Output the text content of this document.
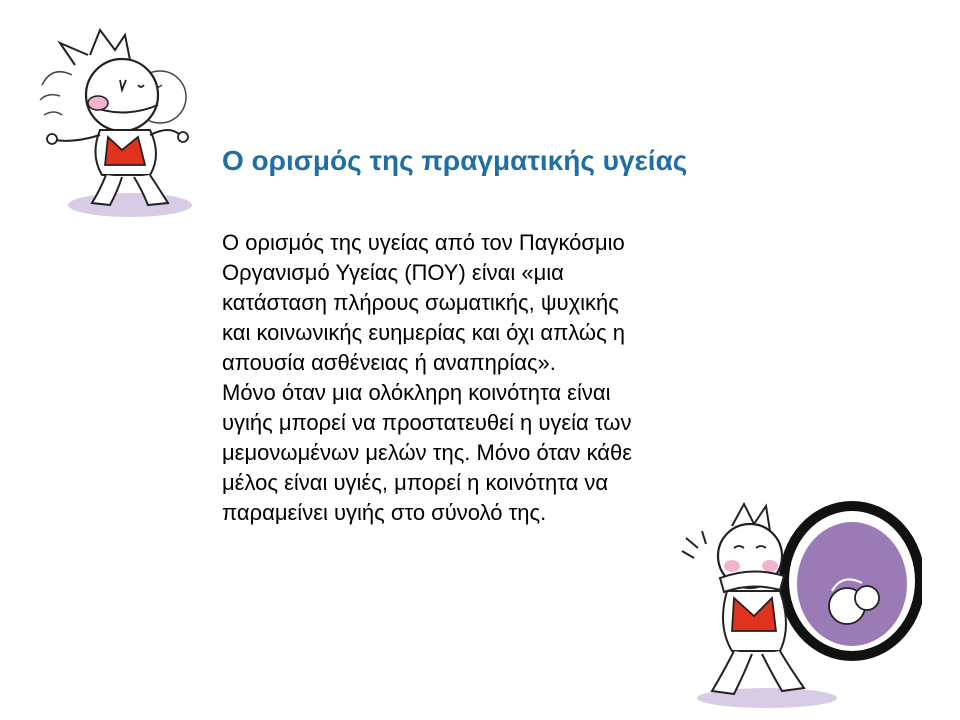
Ο ορισμός της πραγματικής υγείας

Ο ορισμός της υγείας από τον Παγκόσμιο
Οργανισμό Υγείας (ΠΟΥ) είναι «μια
κατάσταση πλήρους σωματικής, ψυχικής
και κοινωνικής ευημερίας και όχι απλώς η
απουσία ασθένειας ή αναπηρίας».

Μόνο όταν μια ολόκληρη κοινότητα είναι
υγιής μπορεί να προστατευθεί η υγεία των
μεμονωμένων μελών της. Μόνο όταν κάθε
μέλος είναι υγιές, μπορεί η κοινότητα να
παραμείνει υγιής στο σύνολό της.
